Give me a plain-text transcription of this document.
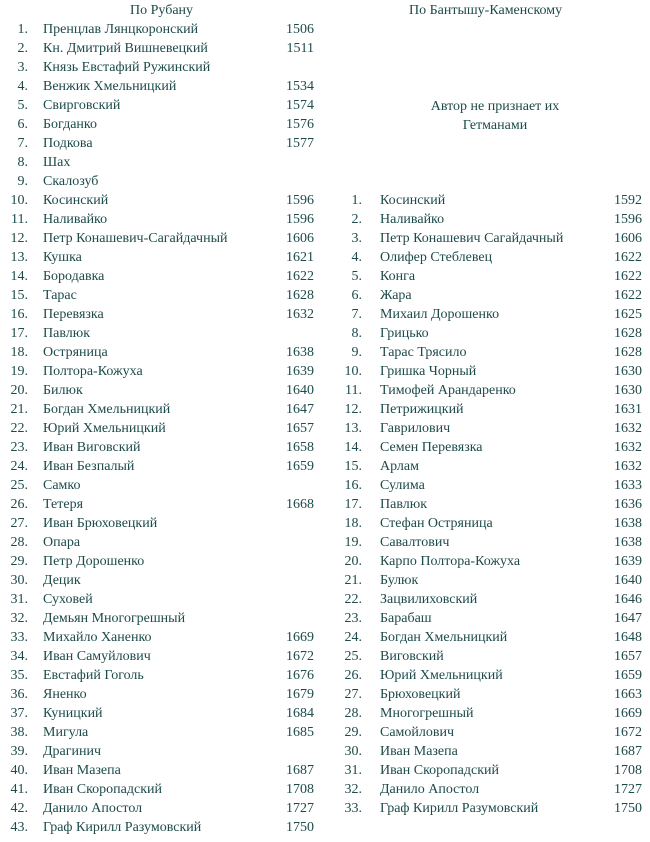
По Рубану	По Бантышу-Каменскому
Автор не признает их
Гетманами
1. Пренцлав Лянцкоронский	1506
2. Кн. Дмитрий Вишневецкий	1511
3. Князь Евстафий Ружинский
4. Венжик Хмельницкий	1534
5. Свирговский	1574
6. Богданко	1576
7. Подкова	1577
8. Шах
9. Скалозуб
10. Косинский	1596
11. Наливайко	1596
12. Петр Конашевич-Сагайдачный	1606
13. Кушка	1621
14. Бородавка	1622
15. Тарас	1628
16. Перевязка	1632
17. Павлюк
18. Остряница	1638
19. Полтора-Кожуха	1639
20. Билюк	1640
21. Богдан Хмельницкий	1647
22. Юрий Хмельницкий	1657
23. Иван Виговский	1658
24. Иван Безпалый	1659
25. Самко
26. Тетеря	1668
27. Иван Брюховецкий
28. Опара
29. Петр Дорошенко
30. Децик
31. Суховей
32. Демьян Многогрешный
33. Михайло Ханенко	1669
34. Иван Самуйлович	1672
35. Евстафий Гоголь	1676
36. Яненко	1679
37. Куницкий	1684
38. Мигула	1685
39. Драгинич
40. Иван Мазепа	1687
41. Иван Скоропадский	1708
42. Данило Апостол	1727
43. Граф Кирилл Разумовский	1750
1. Косинский	1592
2. Наливайко	1596
3. Петр Конашевич Сагайдачный	1606
4. Олифер Стеблевец	1622
5. Конга	1622
6. Жара	1622
7. Михаил Дорошенко	1625
8. Грицько	1628
9. Тарас Трясило	1628
10. Гришка Чорный	1630
11. Тимофей Арандаренко	1630
12. Петрижицкий	1631
13. Гаврилович	1632
14. Семен Перевязка	1632
15. Арлам	1632
16. Сулима	1633
17. Павлюк	1636
18. Стефан Остряница	1638
19. Савалтович	1638
20. Карпо Полтора-Кожуха	1639
21. Булюк	1640
22. Зацвилиховский	1646
23. Барабаш	1647
24. Богдан Хмельницкий	1648
25. Виговский	1657
26. Юрий Хмельницкий	1659
27. Брюховецкий	1663
28. Многогрешный	1669
29. Самойлович	1672
30. Иван Мазепа	1687
31. Иван Скоропадский	1708
32. Данило Апостол	1727
33. Граф Кирилл Разумовский	1750
